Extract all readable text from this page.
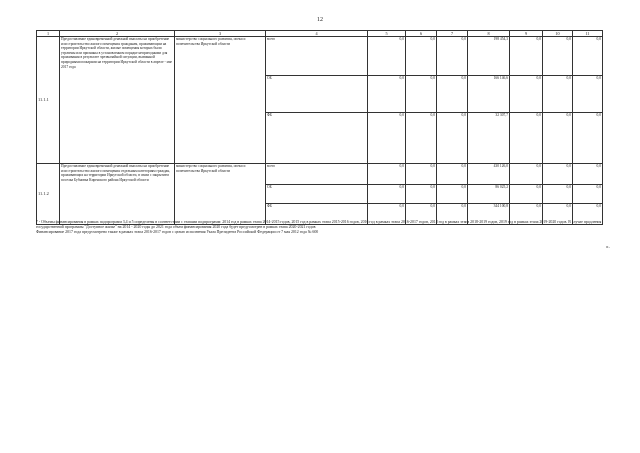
12
1	2	3	4	5	6	7	8	9	10	11
11.1.1	Предоставление единовременной денежной выплаты на приобретение или строительство жилого помещения гражданам, проживающим на территории Иркутской области, жилые помещения которых были утрачены или признаны в установленном порядке непригодными для проживания в результате чрезвычайной ситуации, вызванной природными пожарами на территории Иркутской области в апреле - мае 2017 года	министерство социального развития, опеки и попечительства Иркутской области	всего	0,0	0,0	0,0	198 454,3	0,0	0,0	0,0
			ОБ	0,0	0,0	0,0	166 146,6	0,0	0,0	0,0
			ФБ	0,0	0,0	0,0	32 307,7	0,0	0,0	0,0
11.1.2	Предоставление единовременной денежной выплаты на приобретение или строительство жилого помещения отдельным категориям граждан, проживающих на территории Иркутской области, в связи с закрытием поселка Бубновка Киренского района Иркутской области	министерство социального развития, опеки и попечительства Иркутской области	всего	0,0	0,0	0,0	430 126,0	0,0	0,0	0,0
			ОБ	0,0	0,0	0,0	86 025,2	0,0	0,0	0,0
			ФБ	0,0	0,0	0,0	344 100,8	0,0	0,0	0,0

* - Объемы финансирования в рамках подпрограмм 3,4 и 5 определены в соответствии с этапами подпрограмм: 2014 год в рамках этапа 2014-2015 годов, 2015 год в рамках этапа 2015-2016 годов, 2016 год в рамках этапа 2016-2017 годов, 2018 год в рамках этапа 2018-2019 годов, 2019 год в рамках этапа 2019-2020 годов. В случае продления государственной программы "Доступное жилье" на 2014 - 2020 годы до 2021 года объем финансирования 2020 года будет предусмотрен в рамках этапа 2020-2021 годов

Финансирование 2017 года предусмотрено также в рамках этапа 2016-2017 годов с целью исполнения Указа Президента Российской Федерации от 7 мая 2012 года № 600

».
